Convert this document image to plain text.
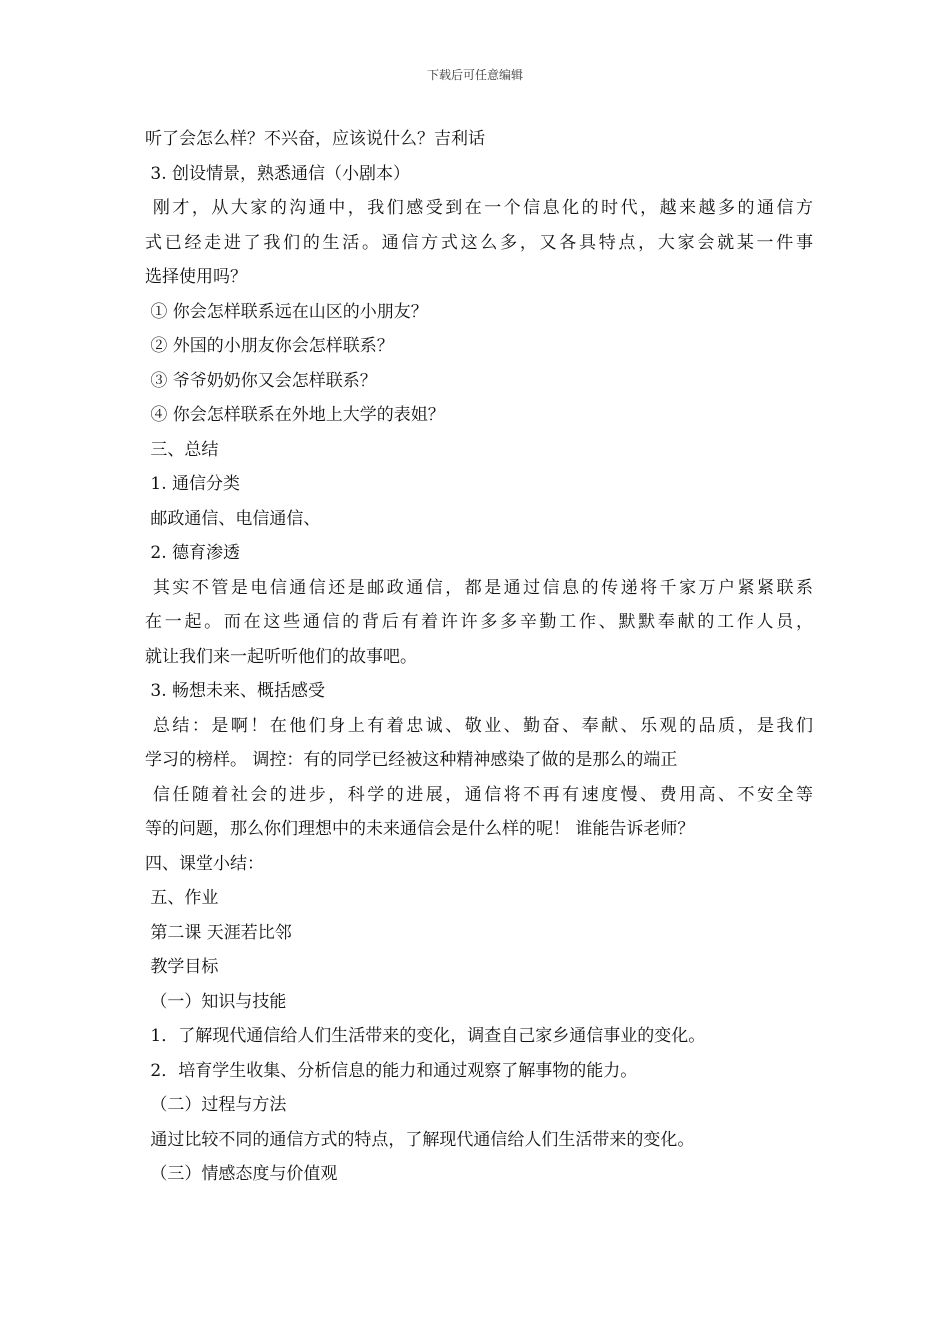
下载后可任意编辑
听了会怎么样？不兴奋，应该说什么？吉利话
3. 创设情景，熟悉通信（小剧本）
刚才，从大家的沟通中，我们感受到在一个信息化的时代，越来越多的通信方
式已经走进了我们的生活。通信方式这么多，又各具特点，大家会就某一件事
选择使用吗？
① 你会怎样联系远在山区的小朋友？
② 外国的小朋友你会怎样联系？
③ 爷爷奶奶你又会怎样联系？
④ 你会怎样联系在外地上大学的表姐？
三、总结
1. 通信分类
邮政通信、电信通信、
2. 德育渗透
其实不管是电信通信还是邮政通信，都是通过信息的传递将千家万户紧紧联系
在一起。而在这些通信的背后有着许许多多辛勤工作、默默奉献的工作人员，
就让我们来一起听听他们的故事吧。
3. 畅想未来、概括感受
总结：是啊！在他们身上有着忠诚、敬业、勤奋、奉献、乐观的品质，是我们
学习的榜样。 调控：有的同学已经被这种精神感染了做的是那么的端正
信任随着社会的进步，科学的进展，通信将不再有速度慢、费用高、不安全等
等的问题，那么你们理想中的未来通信会是什么样的呢！ 谁能告诉老师？
四、课堂小结：
五、作业
第二课 天涯若比邻
教学目标
（一）知识与技能
1．了解现代通信给人们生活带来的变化，调查自己家乡通信事业的变化。
2．培育学生收集、分析信息的能力和通过观察了解事物的能力。
（二）过程与方法
通过比较不同的通信方式的特点，了解现代通信给人们生活带来的变化。
（三）情感态度与价值观
